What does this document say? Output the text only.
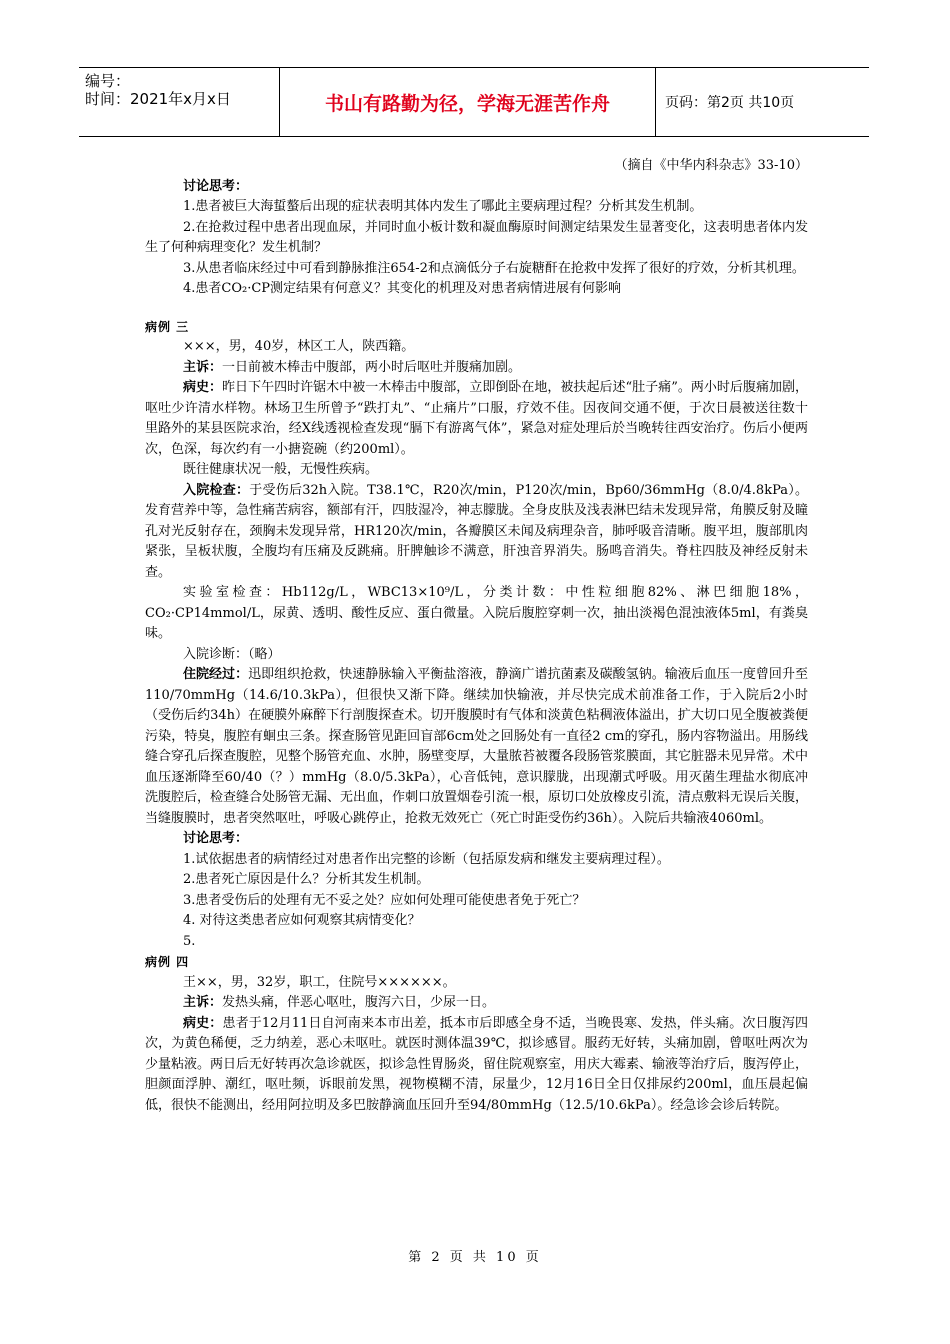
编号：
时间：2021年x月x日	书山有路勤为径，学海无涯苦作舟	页码：第2页 共10页

（摘自《中华内科杂志》33-10）

讨论思考：

1.患者被巨大海蜇螯后出现的症状表明其体内发生了哪此主要病理过程？分析其发生机制。

2.在抢救过程中患者出现血尿，并同时血小板计数和凝血酶原时间测定结果发生显著变化，这表明患者体内发生了何种病理变化？发生机制？

3.从患者临床经过中可看到静脉推注654-2和点滴低分子右旋糖酐在抢救中发挥了很好的疗效，分析其机理。

4.患者CO₂·CP测定结果有何意义？其变化的机理及对患者病情进展有何影响

病例 三

×××，男，40岁，林区工人，陕西籍。

主诉：一日前被木棒击中腹部，两小时后呕吐并腹痛加剧。

病史：昨日下午四时许锯木中被一木棒击中腹部，立即倒卧在地，被扶起后述“肚子痛”。两小时后腹痛加剧，呕吐少许清水样物。林场卫生所曾予“跌打丸”、“止痛片”口服，疗效不佳。因夜间交通不便，于次日晨被送往数十里路外的某县医院求治，经X线透视检查发现“膈下有游离气体”，紧急对症处理后於当晚转往西安治疗。伤后小便两次，色深，每次约有一小搪瓷碗（约200ml）。

既往健康状况一般，无慢性疾病。

入院检查：于受伤后32h入院。T38.1℃，R20次/min，P120次/min，Bp60/36mmHg（8.0/4.8kPa）。发育营养中等，急性痛苦病容，额部有汗，四肢湿冷，神志朦胧。全身皮肤及浅表淋巴结未发现异常，角膜反射及瞳孔对光反射存在，颈胸未发现异常，HR120次/min，各瓣膜区未闻及病理杂音，肺呼吸音清晰。腹平坦，腹部肌肉紧张，呈板状腹，全腹均有压痛及反跳痛。肝脾触诊不满意，肝浊音界消失。肠鸣音消失。脊柱四肢及神经反射未查。

实验室检查：Hb112g/L，WBC13×10⁹/L，分类计数：中性粒细胞82%、淋巴细胞18%，CO₂·CP14mmol/L，尿黄、透明、酸性反应、蛋白微量。入院后腹腔穿刺一次，抽出淡褐色混浊液体5ml，有粪臭味。

入院诊断：（略）

住院经过：迅即组织抢救，快速静脉输入平衡盐溶液，静滴广谱抗菌素及碳酸氢钠。输液后血压一度曾回升至110/70mmHg（14.6/10.3kPa），但很快又渐下降。继续加快输液，并尽快完成术前准备工作，于入院后2小时（受伤后约34h）在硬膜外麻醉下行剖腹探查术。切开腹膜时有气体和淡黄色粘稠液体溢出，扩大切口见全腹被粪便污染，特臭，腹腔有蛔虫三条。探查肠管见距回盲部6cm处之回肠处有一直径2 cm的穿孔，肠内容物溢出。用肠线缝合穿孔后探查腹腔，见整个肠管充血、水肿，肠壁变厚，大量脓苔被覆各段肠管浆膜面，其它脏器未见异常。术中血压逐渐降至60/40（？）mmHg（8.0/5.3kPa），心音低钝，意识朦胧，出现潮式呼吸。用灭菌生理盐水彻底冲洗腹腔后，检查缝合处肠管无漏、无出血，作刺口放置烟卷引流一根，原切口处放橡皮引流，清点敷料无误后关腹，当缝腹膜时，患者突然呕吐，呼吸心跳停止，抢救无效死亡（死亡时距受伤约36h）。入院后共输液4060ml。

讨论思考：

1.试依据患者的病情经过对患者作出完整的诊断（包括原发病和继发主要病理过程）。

2.患者死亡原因是什么？分析其发生机制。

3.患者受伤后的处理有无不妥之处？应如何处理可能使患者免于死亡？

4. 对待这类患者应如何观察其病情变化？

5.

病例 四

王××，男，32岁，职工，住院号××××××。

主诉：发热头痛，伴恶心呕吐，腹泻六日，少尿一日。

病史：患者于12月11日自河南来本市出差，抵本市后即感全身不适，当晚畏寒、发热，伴头痛。次日腹泻四次，为黄色稀便，乏力纳差，恶心未呕吐。就医时测体温39℃，拟诊感冒。服药无好转，头痛加剧，曾呕吐两次为少量粘液。两日后无好转再次急诊就医，拟诊急性胃肠炎，留住院观察室，用庆大霉素、输液等治疗后，腹泻停止，胆颜面浮肿、潮红，呕吐频，诉眼前发黑，视物模糊不清，尿量少，12月16日全日仅排尿约200ml，血压晨起偏低，很快不能测出，经用阿拉明及多巴胺静滴血压回升至94/80mmHg（12.5/10.6kPa）。经急诊会诊后转院。

第 2 页 共 10 页
